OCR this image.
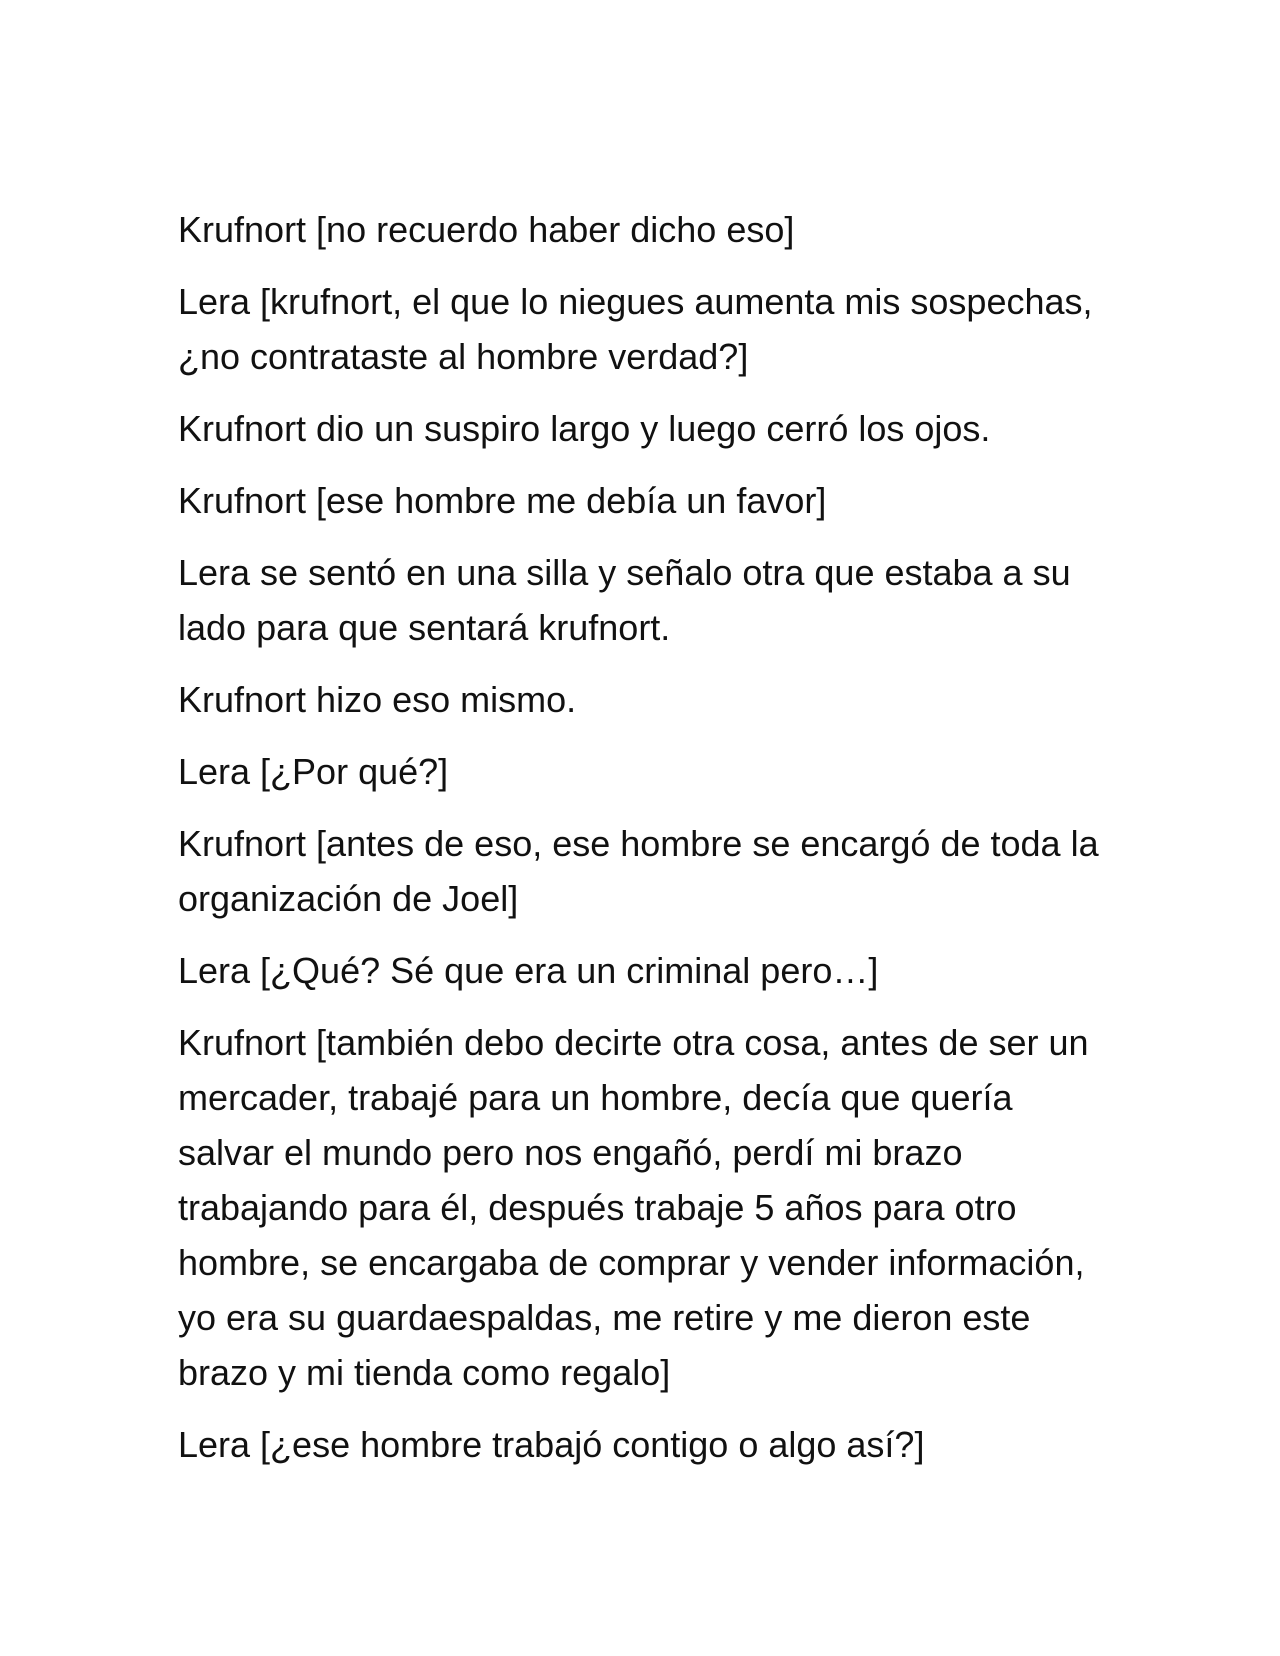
Krufnort [no recuerdo haber dicho eso]

Lera [krufnort, el que lo niegues aumenta mis sospechas, ¿no contrataste al hombre verdad?]

Krufnort dio un suspiro largo y luego cerró los ojos.

Krufnort [ese hombre me debía un favor]

Lera se sentó en una silla y señalo otra que estaba a su lado para que sentará krufnort.

Krufnort hizo eso mismo.

Lera [¿Por qué?]

Krufnort [antes de eso, ese hombre se encargó de toda la organización de Joel]

Lera [¿Qué? Sé que era un criminal pero…]

Krufnort [también debo decirte otra cosa, antes de ser un mercader, trabajé para un hombre, decía que quería salvar el mundo pero nos engañó, perdí mi brazo trabajando para él, después trabaje 5 años para otro hombre, se encargaba de comprar y vender información, yo era su guardaespaldas, me retire y me dieron este brazo y mi tienda como regalo]

Lera [¿ese hombre trabajó contigo o algo así?]
